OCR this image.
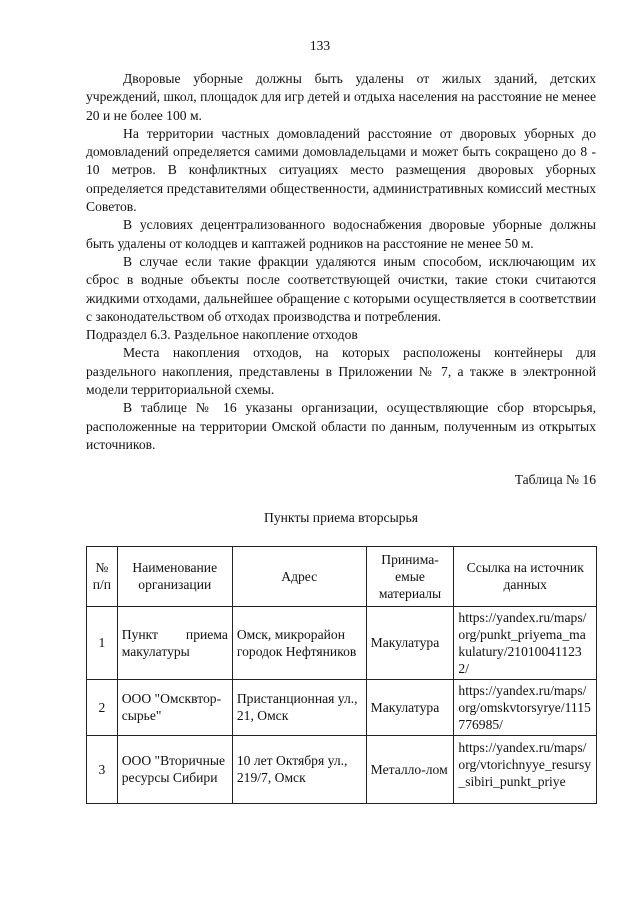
133

Дворовые уборные должны быть удалены от жилых зданий, детских учреждений, школ, площадок для игр детей и отдыха населения на расстояние не менее 20 и не более 100 м.

На территории частных домовладений расстояние от дворовых уборных до домовладений определяется самими домовладельцами и может быть сокращено до 8 - 10 метров. В конфликтных ситуациях место размещения дворовых уборных определяется представителями общественности, административных комиссий местных Советов.

В условиях децентрализованного водоснабжения дворовые уборные должны быть удалены от колодцев и каптажей родников на расстояние не менее 50 м.

В случае если такие фракции удаляются иным способом, исключающим их сброс в водные объекты после соответствующей очистки, такие стоки считаются жидкими отходами, дальнейшее обращение с которыми осуществляется в соответствии с законодательством об отходах производства и потребления.

Подраздел 6.3. Раздельное накопление отходов

Места накопления отходов, на которых расположены контейнеры для раздельного накопления, представлены в Приложении № 7, а также в электронной модели территориальной схемы.

В таблице № 16 указаны организации, осуществляющие сбор вторсырья, расположенные на территории Омской области по данным, полученным из открытых источников.

Таблица № 16

Пункты приема вторсырья

№ п/п	Наименование организации	Адрес	Принима-емые материалы	Ссылка на источник данных
1	Пункт приема макулатуры	Омск, микрорайон городок Нефтяников	Макулатура	https://yandex.ru/maps/org/punkt_priyema_makulatury/210100411232/
2	ООО "Омсквтор-сырье"	Пристанционная ул., 21, Омск	Макулатура	https://yandex.ru/maps/org/omskvtorsyrye/1115776985/
3	ООО "Вторичные ресурсы Сибири	10 лет Октября ул., 219/7, Омск	Металло-лом	https://yandex.ru/maps/org/vtorichnyye_resursy_sibiri_punkt_priye
